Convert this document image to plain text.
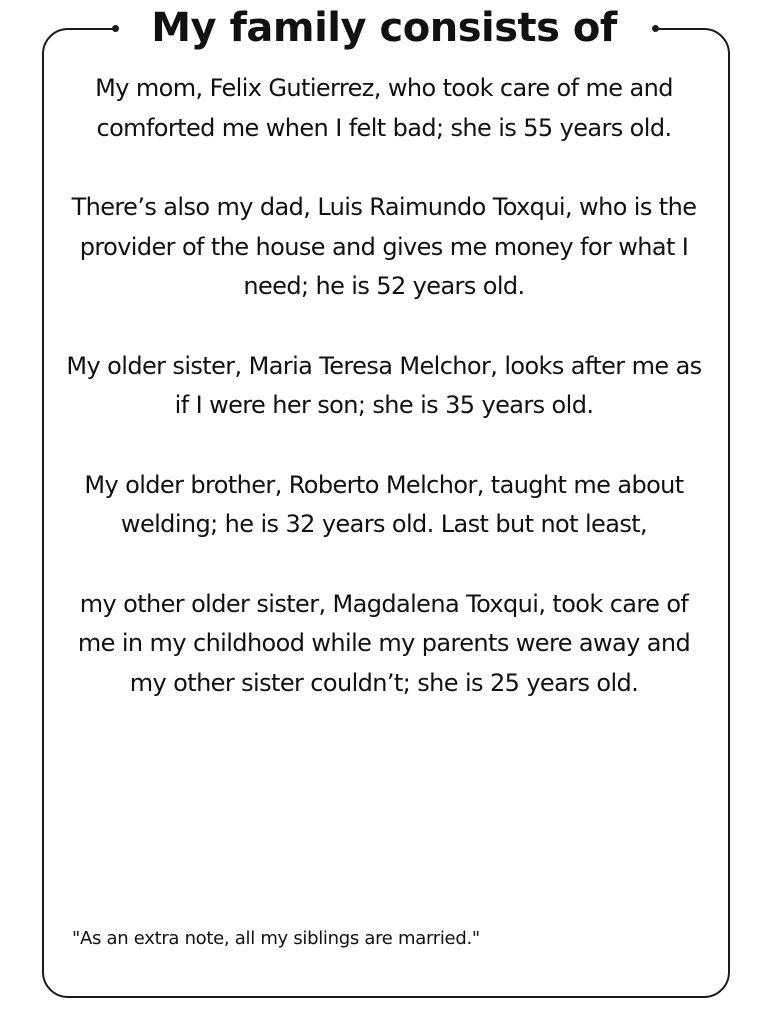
My family consists of

My mom, Felix Gutierrez, who took care of me and comforted me when I felt bad; she is 55 years old.

There’s also my dad, Luis Raimundo Toxqui, who is the provider of the house and gives me money for what I need; he is 52 years old.

My older sister, Maria Teresa Melchor, looks after me as if I were her son; she is 35 years old.

My older brother, Roberto Melchor, taught me about welding; he is 32 years old. Last but not least,

my other older sister, Magdalena Toxqui, took care of me in my childhood while my parents were away and my other sister couldn’t; she is 25 years old.

"As an extra note, all my siblings are married."
